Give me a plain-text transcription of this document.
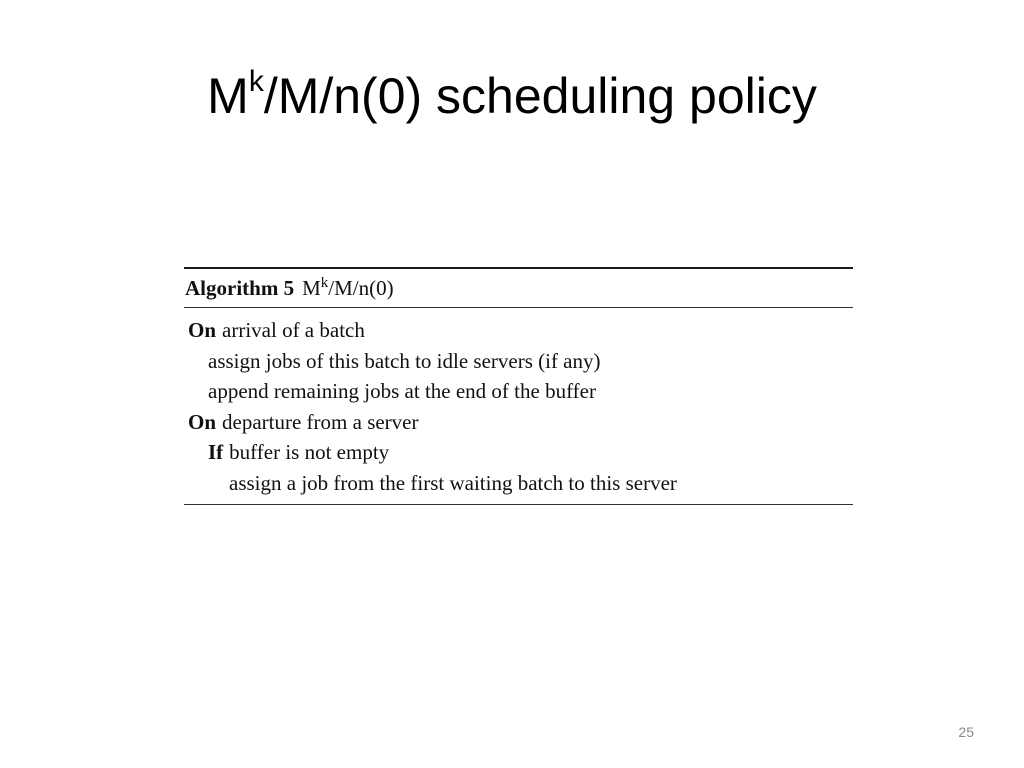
$M^k/M/n(0)$ scheduling policy
Algorithm 5 $M^k/M/n(0)$
On arrival of a batch
assign jobs of this batch to idle servers (if any)
append remaining jobs at the end of the buffer
On departure from a server
If buffer is not empty
assign a job from the first waiting batch to this server
25
